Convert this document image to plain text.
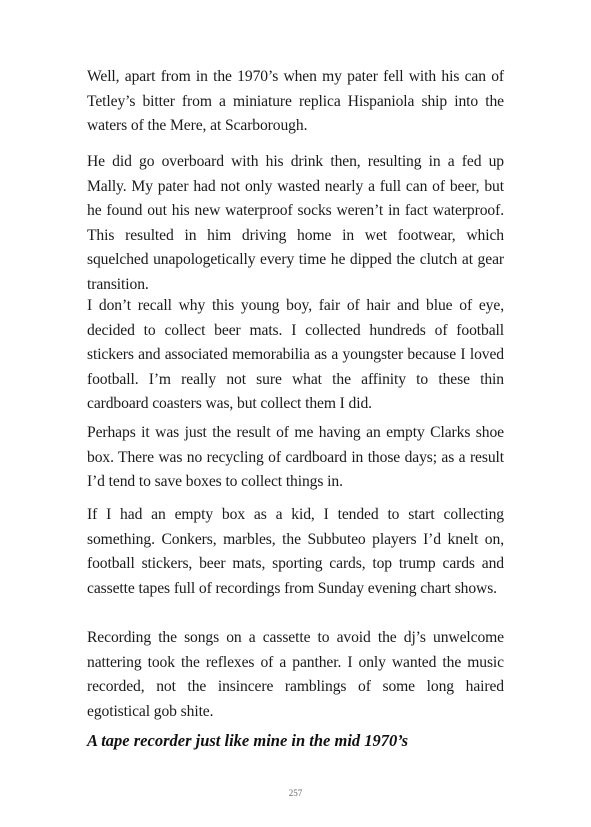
Well, apart from in the 1970’s when my pater fell with his can of Tetley’s bitter from a miniature replica Hispaniola ship into the waters of the Mere, at Scarborough.

He did go overboard with his drink then, resulting in a fed up Mally. My pater had not only wasted nearly a full can of beer, but he found out his new waterproof socks weren’t in fact waterproof. This resulted in him driving home in wet footwear, which squelched unapologetically every time he dipped the clutch at gear transition.

I don’t recall why this young boy, fair of hair and blue of eye, decided to collect beer mats. I collected hundreds of football stickers and associated memorabilia as a youngster because I loved football. I’m really not sure what the affinity to these thin cardboard coasters was, but collect them I did.

Perhaps it was just the result of me having an empty Clarks shoe box. There was no recycling of cardboard in those days; as a result I’d tend to save boxes to collect things in.

If I had an empty box as a kid, I tended to start collecting something. Conkers, marbles, the Subbuteo players I’d knelt on, football stickers, beer mats, sporting cards, top trump cards and cassette tapes full of recordings from Sunday evening chart shows.

Recording the songs on a cassette to avoid the dj’s unwelcome nattering took the reflexes of a panther. I only wanted the music recorded, not the insincere ramblings of some long haired egotistical gob shite.

A tape recorder just like mine in the mid 1970’s

257
